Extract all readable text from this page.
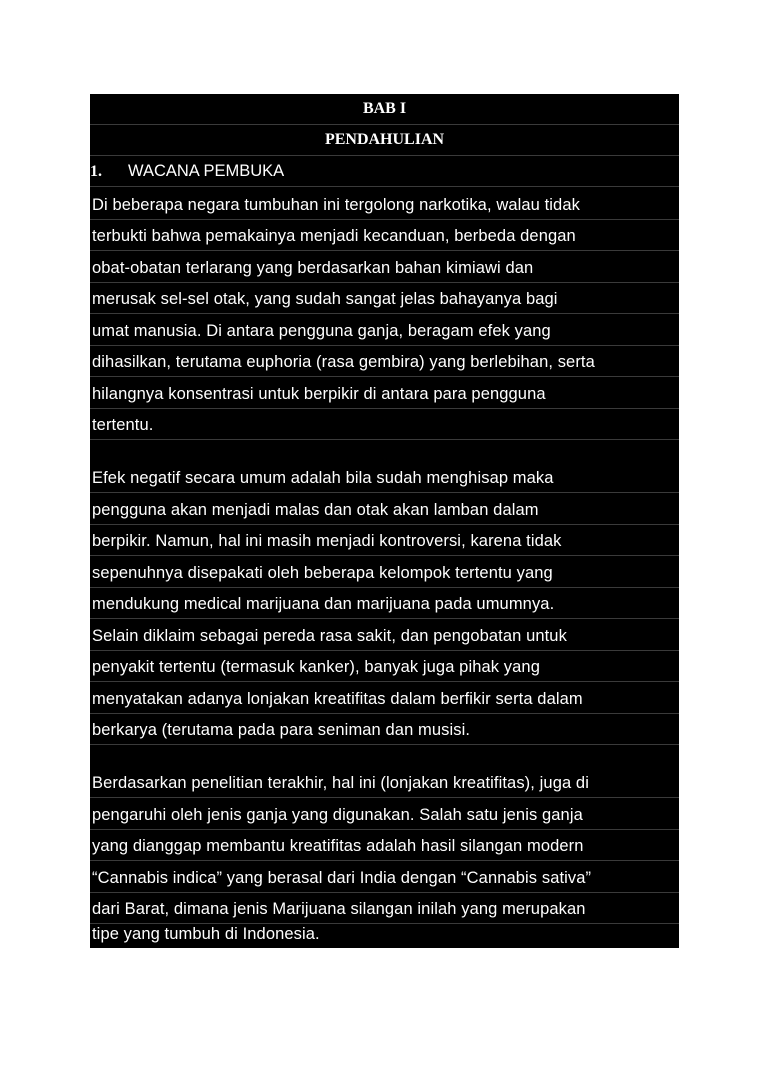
BAB I
PENDAHULIAN
1. WACANA PEMBUKA
Di beberapa negara tumbuhan ini tergolong narkotika, walau tidak
terbukti bahwa pemakainya menjadi kecanduan, berbeda dengan
obat-obatan terlarang yang berdasarkan bahan kimiawi dan
merusak sel-sel otak, yang sudah sangat jelas bahayanya bagi
umat manusia. Di antara pengguna ganja, beragam efek yang
dihasilkan, terutama euphoria (rasa gembira) yang berlebihan, serta
hilangnya konsentrasi untuk berpikir di antara para pengguna
tertentu.
Efek negatif secara umum adalah bila sudah menghisap maka
pengguna akan menjadi malas dan otak akan lamban dalam
berpikir. Namun, hal ini masih menjadi kontroversi, karena tidak
sepenuhnya disepakati oleh beberapa kelompok tertentu yang
mendukung medical marijuana dan marijuana pada umumnya.
Selain diklaim sebagai pereda rasa sakit, dan pengobatan untuk
penyakit tertentu (termasuk kanker), banyak juga pihak yang
menyatakan adanya lonjakan kreatifitas dalam berfikir serta dalam
berkarya (terutama pada para seniman dan musisi.
Berdasarkan penelitian terakhir, hal ini (lonjakan kreatifitas), juga di
pengaruhi oleh jenis ganja yang digunakan. Salah satu jenis ganja
yang dianggap membantu kreatifitas adalah hasil silangan modern
“Cannabis indica” yang berasal dari India dengan “Cannabis sativa”
dari Barat, dimana jenis Marijuana silangan inilah yang merupakan
tipe yang tumbuh di Indonesia.
